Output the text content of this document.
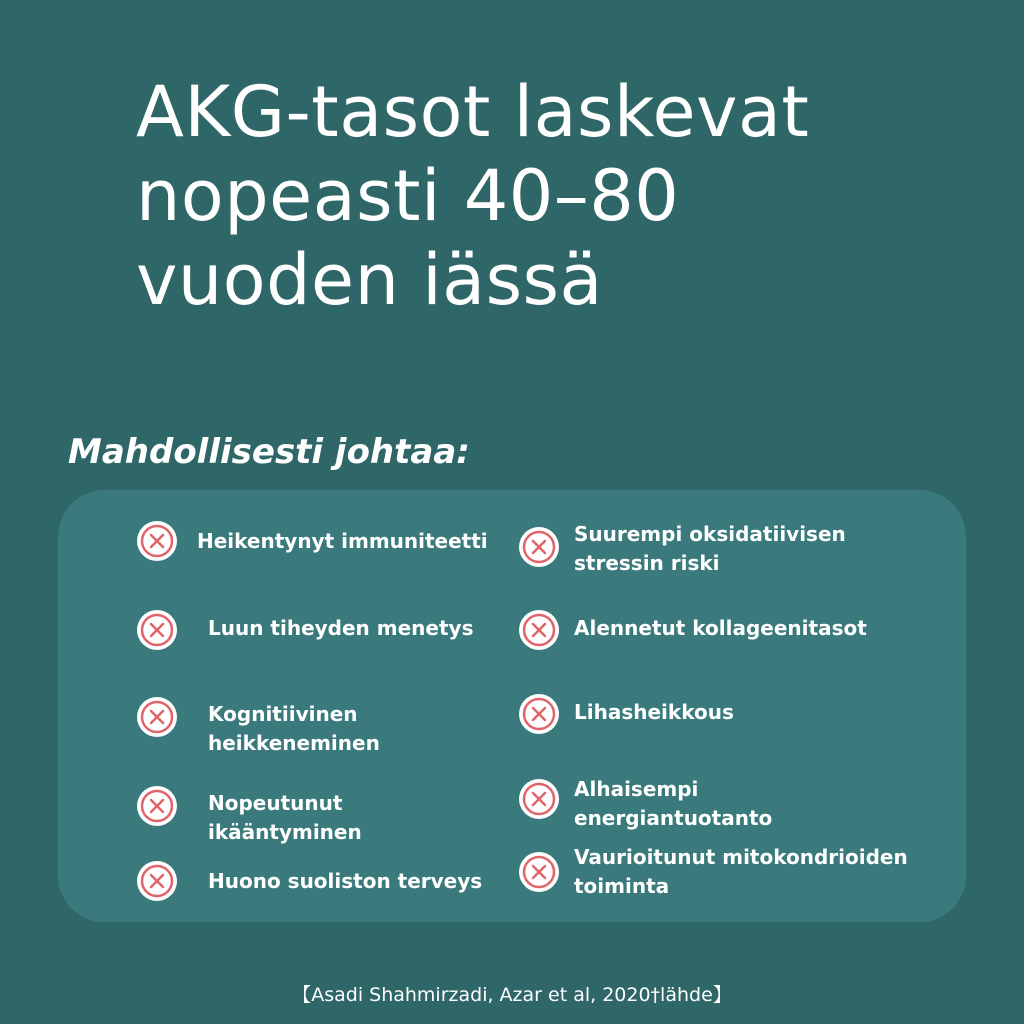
AKG-tasot laskevat
nopeasti 40–80
vuoden iässä
Mahdollisesti johtaa:
Heikentynyt immuniteetti
Luun tiheyden menetys
Kognitiivinen
heikkeneminen
Nopeutunut
ikääntyminen
Huono suoliston terveys
Suurempi oksidatiivisen
stressin riski
Alennetut kollageenitasot
Lihasheikkous
Alhaisempi
energiantuotanto
Vaurioitunut mitokondrioiden
toiminta
【Asadi Shahmirzadi, Azar et al, 2020†lähde】
